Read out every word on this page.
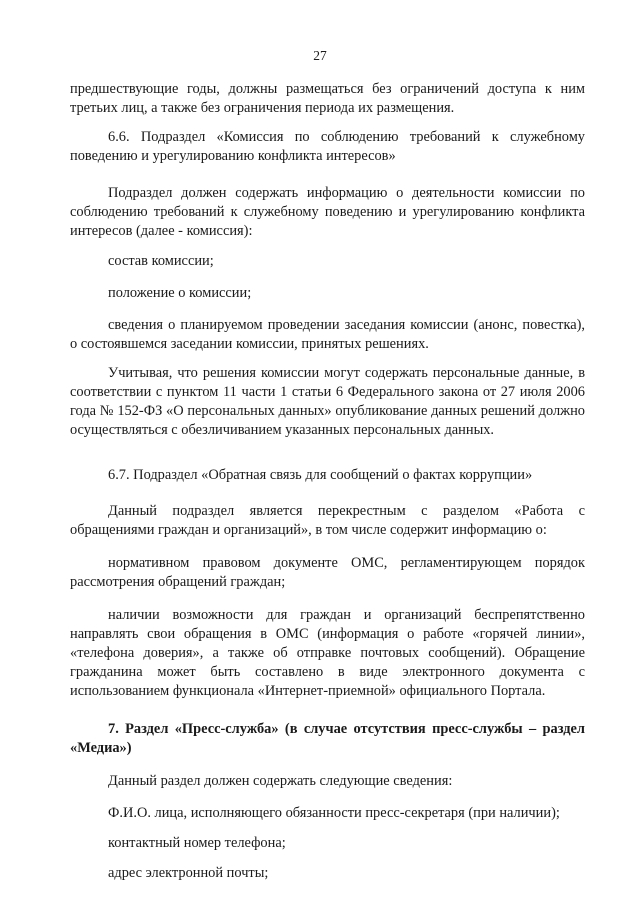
27

предшествующие годы, должны размещаться без ограничений доступа к ним третьих лиц, а также без ограничения периода их размещения.

6.6. Подраздел «Комиссия по соблюдению требований к служебному поведению и урегулированию конфликта интересов»

Подраздел должен содержать информацию о деятельности комиссии по соблюдению требований к служебному поведению и урегулированию конфликта интересов (далее - комиссия):

состав комиссии;

положение о комиссии;

сведения о планируемом проведении заседания комиссии (анонс, повестка), о состоявшемся заседании комиссии, принятых решениях.

Учитывая, что решения комиссии могут содержать персональные данные, в соответствии с пунктом 11 части 1 статьи 6 Федерального закона от 27 июля 2006 года № 152-ФЗ «О персональных данных» опубликование данных решений должно осуществляться с обезличиванием указанных персональных данных.

6.7. Подраздел «Обратная связь для сообщений о фактах коррупции»

Данный подраздел является перекрестным с разделом «Работа с обращениями граждан и организаций», в том числе содержит информацию о:

нормативном правовом документе ОМС, регламентирующем порядок рассмотрения обращений граждан;

наличии возможности для граждан и организаций беспрепятственно направлять свои обращения в ОМС (информация о работе «горячей линии», «телефона доверия», а также об отправке почтовых сообщений). Обращение гражданина может быть составлено в виде электронного документа с использованием функционала «Интернет-приемной» официального Портала.

7. Раздел «Пресс-служба» (в случае отсутствия пресс-службы – раздел «Медиа»)

Данный раздел должен содержать следующие сведения:

Ф.И.О. лица, исполняющего обязанности пресс-секретаря (при наличии);

контактный номер телефона;

адрес электронной почты;
